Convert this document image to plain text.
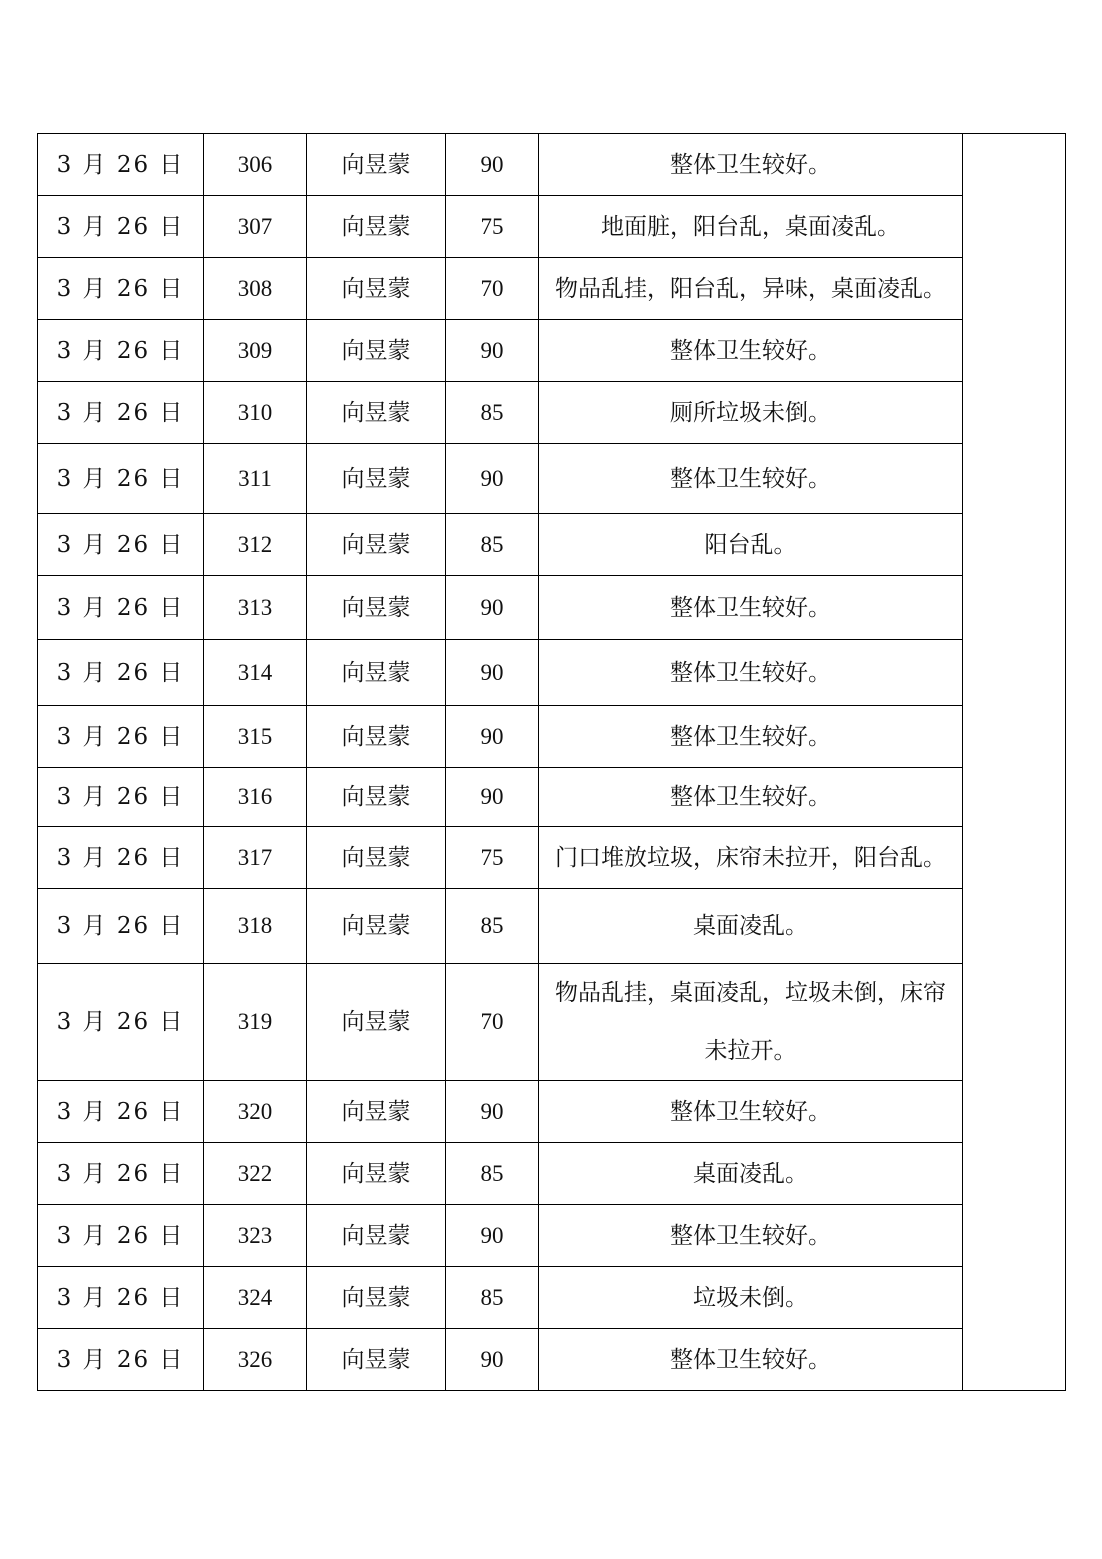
3 月 26 日	306	向昱蒙	90	整体卫生较好。	
3 月 26 日	307	向昱蒙	75	地面脏，阳台乱，桌面凌乱。	
3 月 26 日	308	向昱蒙	70	物品乱挂，阳台乱，异味，桌面凌乱。	
3 月 26 日	309	向昱蒙	90	整体卫生较好。	
3 月 26 日	310	向昱蒙	85	厕所垃圾未倒。	
3 月 26 日	311	向昱蒙	90	整体卫生较好。	
3 月 26 日	312	向昱蒙	85	阳台乱。	
3 月 26 日	313	向昱蒙	90	整体卫生较好。	
3 月 26 日	314	向昱蒙	90	整体卫生较好。	
3 月 26 日	315	向昱蒙	90	整体卫生较好。	
3 月 26 日	316	向昱蒙	90	整体卫生较好。	
3 月 26 日	317	向昱蒙	75	门口堆放垃圾，床帘未拉开，阳台乱。	
3 月 26 日	318	向昱蒙	85	桌面凌乱。	
3 月 26 日	319	向昱蒙	70	物品乱挂，桌面凌乱，垃圾未倒，床帘未拉开。	
3 月 26 日	320	向昱蒙	90	整体卫生较好。	
3 月 26 日	322	向昱蒙	85	桌面凌乱。	
3 月 26 日	323	向昱蒙	90	整体卫生较好。	
3 月 26 日	324	向昱蒙	85	垃圾未倒。	
3 月 26 日	326	向昱蒙	90	整体卫生较好。	
